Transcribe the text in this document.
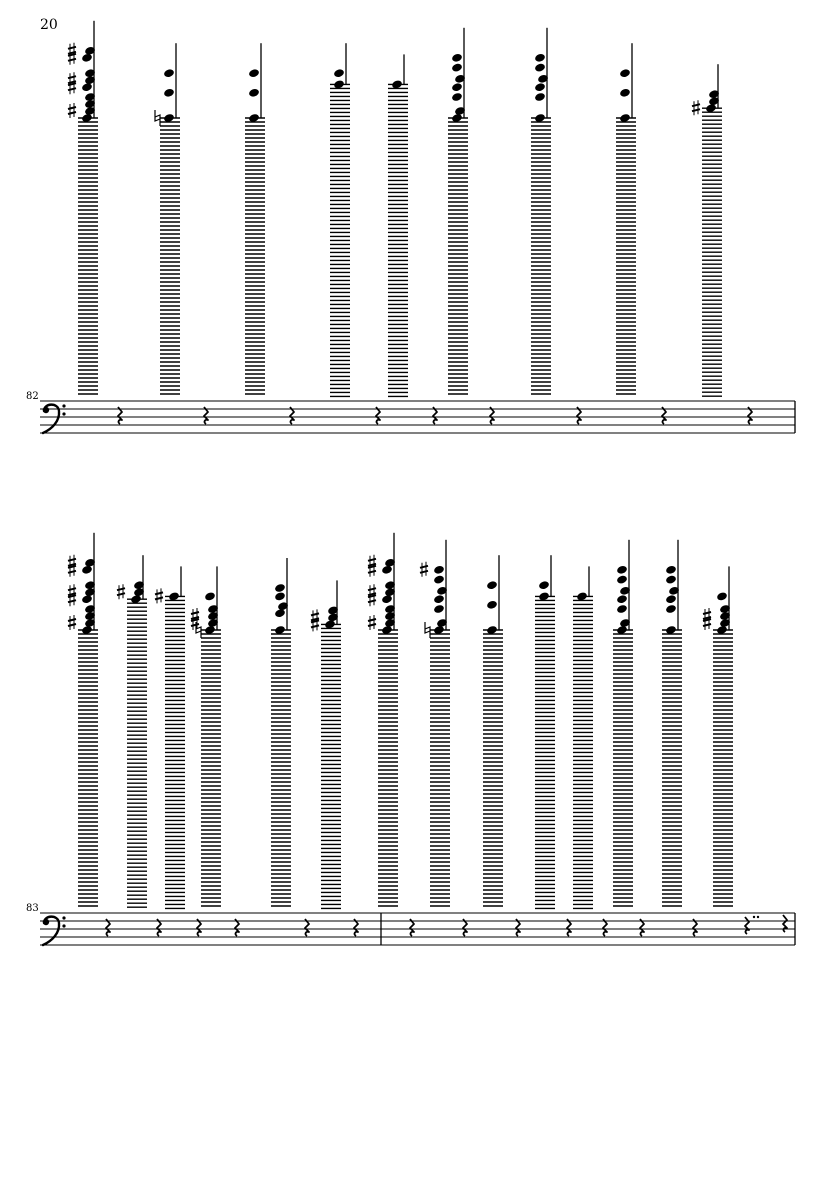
20
82
83
